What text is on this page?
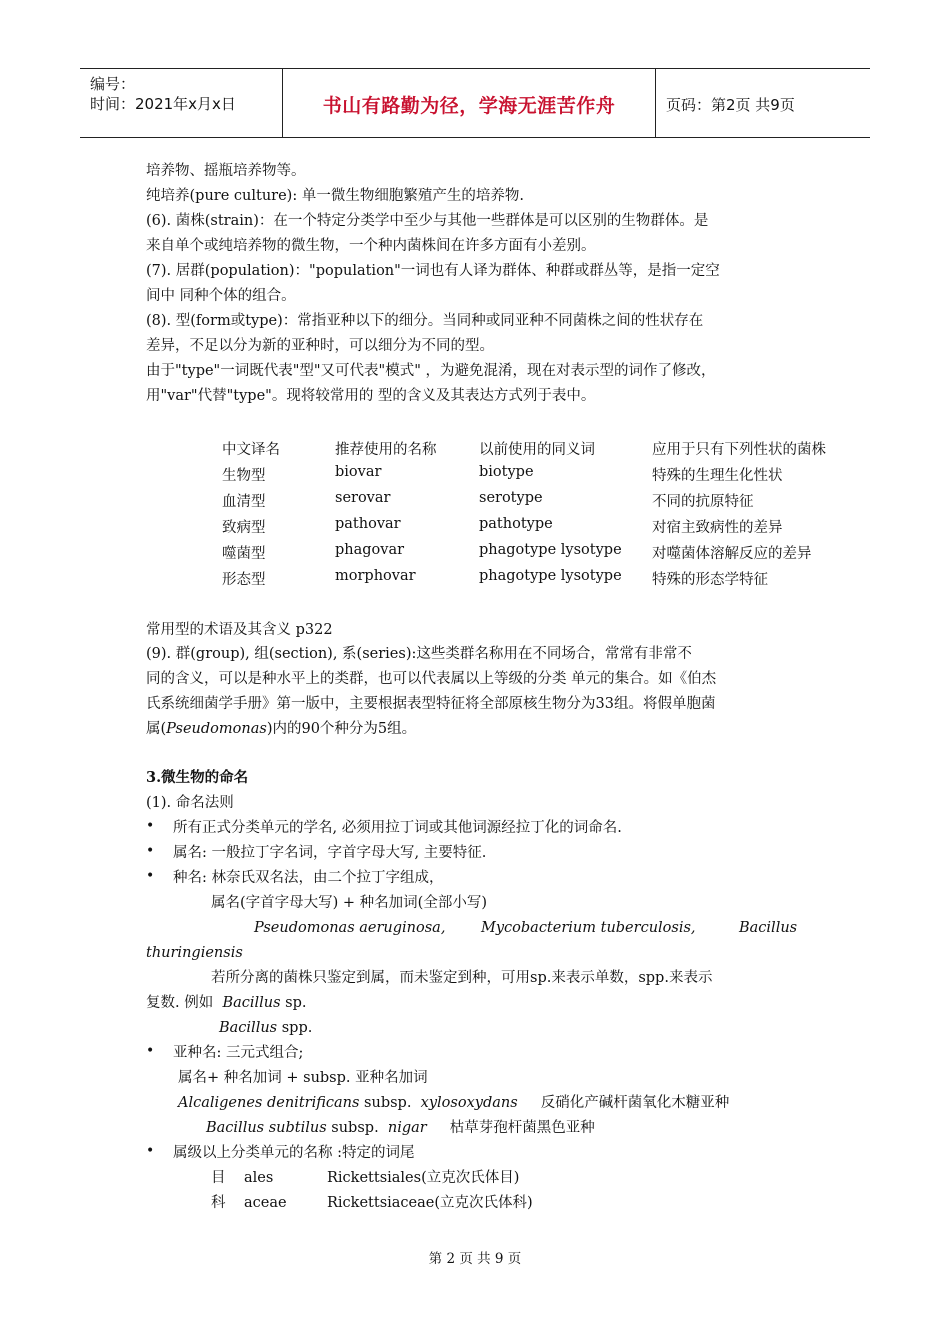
编号：
时间：2021年x月x日	书山有路勤为径，学海无涯苦作舟	页码：第2页 共9页
培养物、摇瓶培养物等。
纯培养(pure culture): 单一微生物细胞繁殖产生的培养物.
(6). 菌株(strain)：在一个特定分类学中至少与其他一些群体是可以区别的生物群体。是
来自单个或纯培养物的微生物，一个种内菌株间在许多方面有小差别。
(7). 居群(population)："population"一词也有人译为群体、种群或群丛等，是指一定空
间中 同种个体的组合。
(8). 型(form或type)：常指亚种以下的细分。当同种或同亚种不同菌株之间的性状存在
差异，不足以分为新的亚种时，可以细分为不同的型。
由于"type"一词既代表"型"又可代表"模式" ，为避免混淆，现在对表示型的词作了修改，
用"var"代替"type"。现将较常用的 型的含义及其表达方式列于表中。
中文译名	推荐使用的名称	以前使用的同义词	应用于只有下列性状的菌株
生物型	biovar	biotype	特殊的生理生化性状
血清型	serovar	serotype	不同的抗原特征
致病型	pathovar	pathotype	对宿主致病性的差异
噬菌型	phagovar	phagotype lysotype 对噬菌体溶解反应的差异
形态型	morphovar	phagotype lysotype 特殊的形态学特征
常用型的术语及其含义 p322
(9). 群(group), 组(section), 系(series):这些类群名称用在不同场合，常常有非常不
同的含义，可以是种水平上的类群，也可以代表属以上等级的分类 单元的集合。如《伯杰
氏系统细菌学手册》第一版中，主要根据表型特征将全部原核生物分为33组。将假单胞菌
属(Pseudomonas)内的90个种分为5组。
3.微生物的命名
(1). 命名法则
• 所有正式分类单元的学名, 必须用拉丁词或其他词源经拉丁化的词命名.
• 属名: 一般拉丁字名词，字首字母大写, 主要特征.
• 种名: 林奈氏双名法，由二个拉丁字组成，
属名(字首字母大写) + 种名加词(全部小写)
Pseudomonas aeruginosa, Mycobacterium tuberculosis,	Bacillus
thuringiensis
若所分离的菌株只鉴定到属，而未鉴定到种，可用sp.来表示单数，spp.来表示
复数. 例如 Bacillus sp.
Bacillus spp.
• 亚种名: 三元式组合;
属名+ 种名加词 + subsp. 亚种名加词
Alcaligenes denitrificans subsp. xylosoxydans 反硝化产碱杆菌氧化木糖亚种
Bacillus subtilus subsp. nigar 枯草芽孢杆菌黑色亚种
• 属级以上分类单元的名称 :特定的词尾
目 ales	Rickettsiales(立克次氏体目)
科 aceae	Rickettsiaceae(立克次氏体科)
第 2 页 共 9 页
